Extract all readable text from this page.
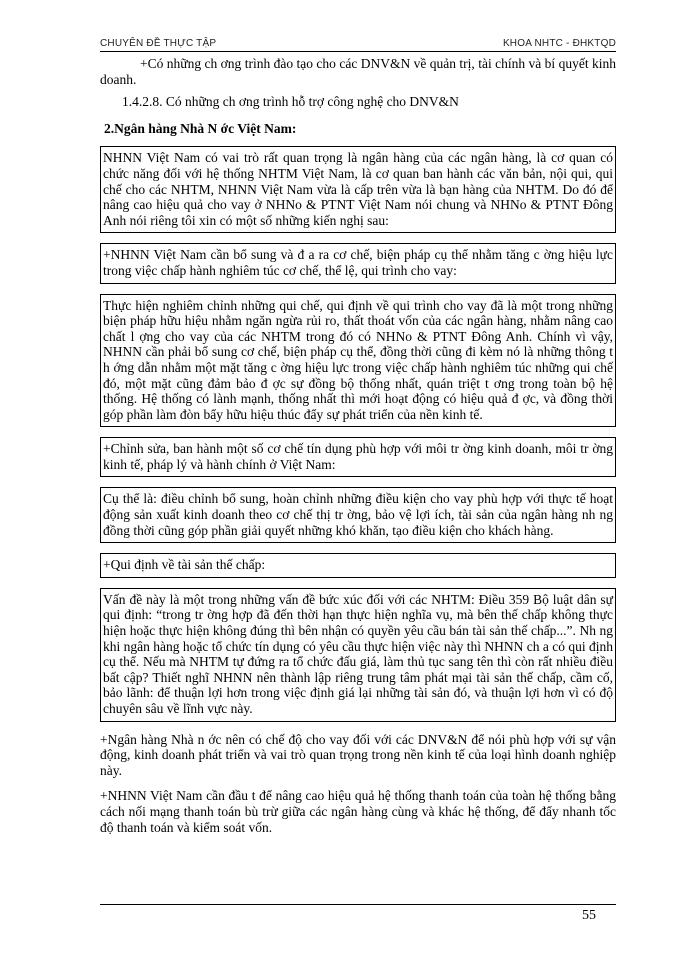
CHUYÊN ĐỀ THỰC TẬP	KHOA NHTC - ĐHKTQD

+Có những ch ơng trình đào tạo cho các DNV&N về quản trị, tài chính và bí quyết kinh doanh.

1.4.2.8. Có những ch ơng trình hỗ trợ công nghệ cho DNV&N

2.Ngân hàng Nhà N ớc Việt Nam:

NHNN Việt Nam có vai trò rất quan trọng là ngân hàng của các ngân hàng, là cơ quan có chức năng đối với hệ thống NHTM Việt Nam, là cơ quan ban hành các văn bản, nội qui, qui chế cho các NHTM, NHNN Việt Nam vừa là cấp trên vừa là bạn hàng của NHTM. Do đó để nâng cao hiệu quả cho vay ở NHNo & PTNT Việt Nam nói chung và NHNo & PTNT Đông Anh nói riêng tôi xin có một số những kiến nghị sau:
+NHNN Việt Nam cần bổ sung và đ a ra cơ chế, biện pháp cụ thể nhằm tăng c ờng hiệu lực trong việc chấp hành nghiêm túc cơ chế, thể lệ, qui trình cho vay:
Thực hiện nghiêm chỉnh những qui chế, qui định về qui trình cho vay đã là một trong những biện pháp hữu hiệu nhằm ngăn ngừa rủi ro, thất thoát vốn của các ngân hàng, nhằm nâng cao chất l ợng cho vay của các NHTM trong đó có NHNo & PTNT Đông Anh. Chính vì vậy, NHNN cần phải bổ sung cơ chế, biện pháp cụ thể, đồng thời cũng đi kèm nó là những thông t h ớng dẫn nhằm một mặt tăng c ờng hiệu lực trong việc chấp hành nghiêm túc những qui chế đó, một mặt cũng đảm bảo đ ợc sự đồng bộ thống nhất, quán triệt t ơng trong toàn bộ hệ thống. Hệ thống có lành mạnh, thống nhất thì mới hoạt động có hiệu quả đ ợc, và đồng thời góp phần làm đòn bẩy hữu hiệu thúc đẩy sự phát triển của nền kinh tế.
+Chỉnh sửa, ban hành một số cơ chế tín dụng phù hợp với môi tr ờng kinh doanh, môi tr ờng kinh tế, pháp lý và hành chính ở Việt Nam:
Cụ thể là: điều chỉnh bổ sung, hoàn chỉnh những điều kiện cho vay phù hợp với thực tế hoạt động sản xuất kinh doanh theo cơ chế thị tr ờng, bảo vệ lợi ích, tài sản của ngân hàng nh ng đồng thời cũng góp phần giải quyết những khó khăn, tạo điều kiện cho khách hàng.
+Qui định về tài sản thế chấp:
Vấn đề này là một trong những vấn đề bức xúc đối với các NHTM: Điều 359 Bộ luật dân sự qui định: “trong tr ờng hợp đã đến thời hạn thực hiện nghĩa vụ, mà bên thế chấp không thực hiện hoặc thực hiện không đúng thì bên nhận có quyền yêu cầu bán tài sản thế chấp...”. Nh ng khi ngân hàng hoặc tổ chức tín dụng có yêu cầu thực hiện việc này thì NHNN ch a có qui định cụ thể. Nếu mà NHTM tự đứng ra tổ chức đấu giá, làm thủ tục sang tên thì còn rất nhiều điều bất cập? Thiết nghĩ NHNN nên thành lập riêng trung tâm phát mại tài sản thế chấp, cầm cố, bảo lãnh: để thuận lợi hơn trong việc định giá lại những tài sản đó, và thuận lợi hơn vì có độ chuyên sâu về lĩnh vực này.

+Ngân hàng Nhà n ớc nên có chế độ cho vay đối với các DNV&N để nói phù hợp với sự vận động, kinh doanh phát triển và vai trò quan trọng trong nền kinh tế của loại hình doanh nghiệp này.

+NHNN Việt Nam cần đầu t để nâng cao hiệu quả hệ thống thanh toán của toàn hệ thống bằng cách nối mạng thanh toán bù trừ giữa các ngân hàng cùng và khác hệ thống, để đẩy nhanh tốc độ thanh toán và kiểm soát vốn.

55
